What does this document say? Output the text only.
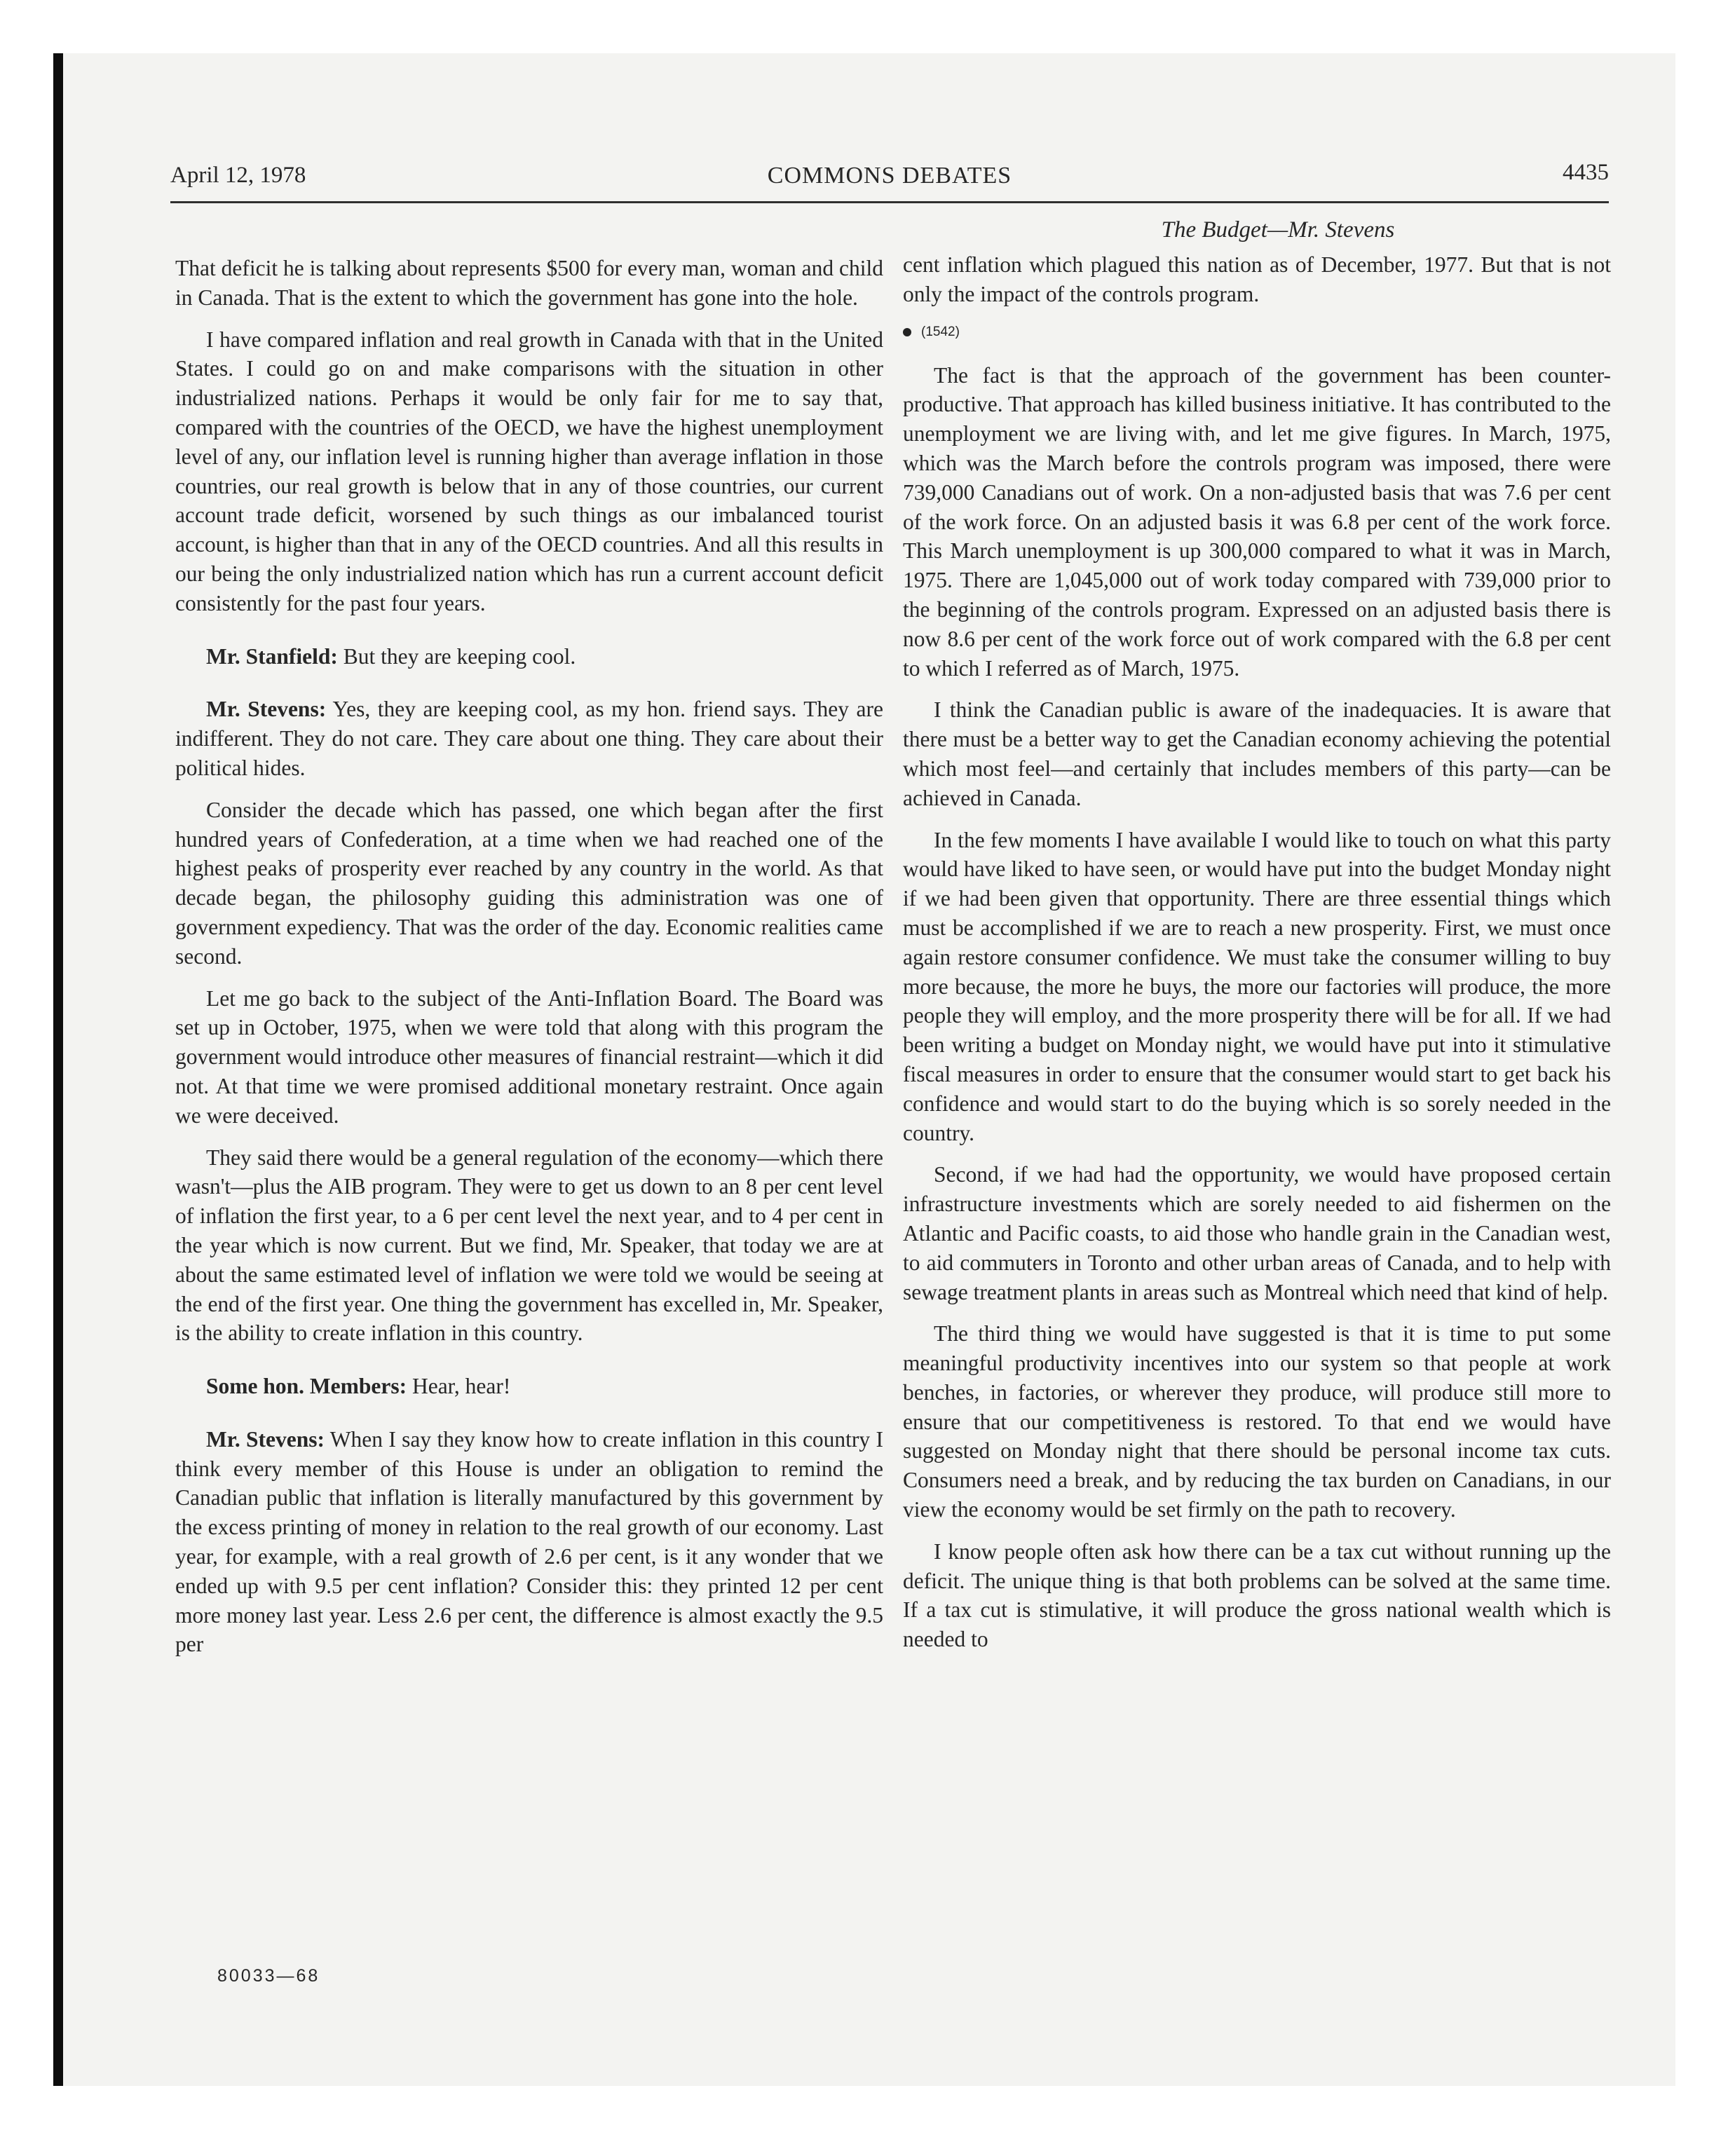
April 12, 1978	COMMONS DEBATES	4435

That deficit he is talking about represents $500 for every man, woman and child in Canada. That is the extent to which the government has gone into the hole.

I have compared inflation and real growth in Canada with that in the United States. I could go on and make comparisons with the situation in other industrialized nations. Perhaps it would be only fair for me to say that, compared with the countries of the OECD, we have the highest unemployment level of any, our inflation level is running higher than average inflation in those countries, our real growth is below that in any of those countries, our current account trade deficit, worsened by such things as our imbalanced tourist account, is higher than that in any of the OECD countries. And all this results in our being the only industrialized nation which has run a current account deficit consistently for the past four years.

Mr. Stanfield: But they are keeping cool.

Mr. Stevens: Yes, they are keeping cool, as my hon. friend says. They are indifferent. They do not care. They care about one thing. They care about their political hides.

Consider the decade which has passed, one which began after the first hundred years of Confederation, at a time when we had reached one of the highest peaks of prosperity ever reached by any country in the world. As that decade began, the philosophy guiding this administration was one of government expediency. That was the order of the day. Economic realities came second.

Let me go back to the subject of the Anti-Inflation Board. The Board was set up in October, 1975, when we were told that along with this program the government would introduce other measures of financial restraint—which it did not. At that time we were promised additional monetary restraint. Once again we were deceived.

They said there would be a general regulation of the economy—which there wasn't—plus the AIB program. They were to get us down to an 8 per cent level of inflation the first year, to a 6 per cent level the next year, and to 4 per cent in the year which is now current. But we find, Mr. Speaker, that today we are at about the same estimated level of inflation we were told we would be seeing at the end of the first year. One thing the government has excelled in, Mr. Speaker, is the ability to create inflation in this country.

Some hon. Members: Hear, hear!

Mr. Stevens: When I say they know how to create inflation in this country I think every member of this House is under an obligation to remind the Canadian public that inflation is literally manufactured by this government by the excess printing of money in relation to the real growth of our economy. Last year, for example, with a real growth of 2.6 per cent, is it any wonder that we ended up with 9.5 per cent inflation? Consider this: they printed 12 per cent more money last year. Less 2.6 per cent, the difference is almost exactly the 9.5 per

The Budget—Mr. Stevens

cent inflation which plagued this nation as of December, 1977. But that is not only the impact of the controls program.

(1542)

The fact is that the approach of the government has been counter-productive. That approach has killed business initiative. It has contributed to the unemployment we are living with, and let me give figures. In March, 1975, which was the March before the controls program was imposed, there were 739,000 Canadians out of work. On a non-adjusted basis that was 7.6 per cent of the work force. On an adjusted basis it was 6.8 per cent of the work force. This March unemployment is up 300,000 compared to what it was in March, 1975. There are 1,045,000 out of work today compared with 739,000 prior to the beginning of the controls program. Expressed on an adjusted basis there is now 8.6 per cent of the work force out of work compared with the 6.8 per cent to which I referred as of March, 1975.

I think the Canadian public is aware of the inadequacies. It is aware that there must be a better way to get the Canadian economy achieving the potential which most feel—and certainly that includes members of this party—can be achieved in Canada.

In the few moments I have available I would like to touch on what this party would have liked to have seen, or would have put into the budget Monday night if we had been given that opportunity. There are three essential things which must be accomplished if we are to reach a new prosperity. First, we must once again restore consumer confidence. We must take the consumer willing to buy more because, the more he buys, the more our factories will produce, the more people they will employ, and the more prosperity there will be for all. If we had been writing a budget on Monday night, we would have put into it stimulative fiscal measures in order to ensure that the consumer would start to get back his confidence and would start to do the buying which is so sorely needed in the country.

Second, if we had had the opportunity, we would have proposed certain infrastructure investments which are sorely needed to aid fishermen on the Atlantic and Pacific coasts, to aid those who handle grain in the Canadian west, to aid commuters in Toronto and other urban areas of Canada, and to help with sewage treatment plants in areas such as Montreal which need that kind of help.

The third thing we would have suggested is that it is time to put some meaningful productivity incentives into our system so that people at work benches, in factories, or wherever they produce, will produce still more to ensure that our competitiveness is restored. To that end we would have suggested on Monday night that there should be personal income tax cuts. Consumers need a break, and by reducing the tax burden on Canadians, in our view the economy would be set firmly on the path to recovery.

I know people often ask how there can be a tax cut without running up the deficit. The unique thing is that both problems can be solved at the same time. If a tax cut is stimulative, it will produce the gross national wealth which is needed to

80033—68
